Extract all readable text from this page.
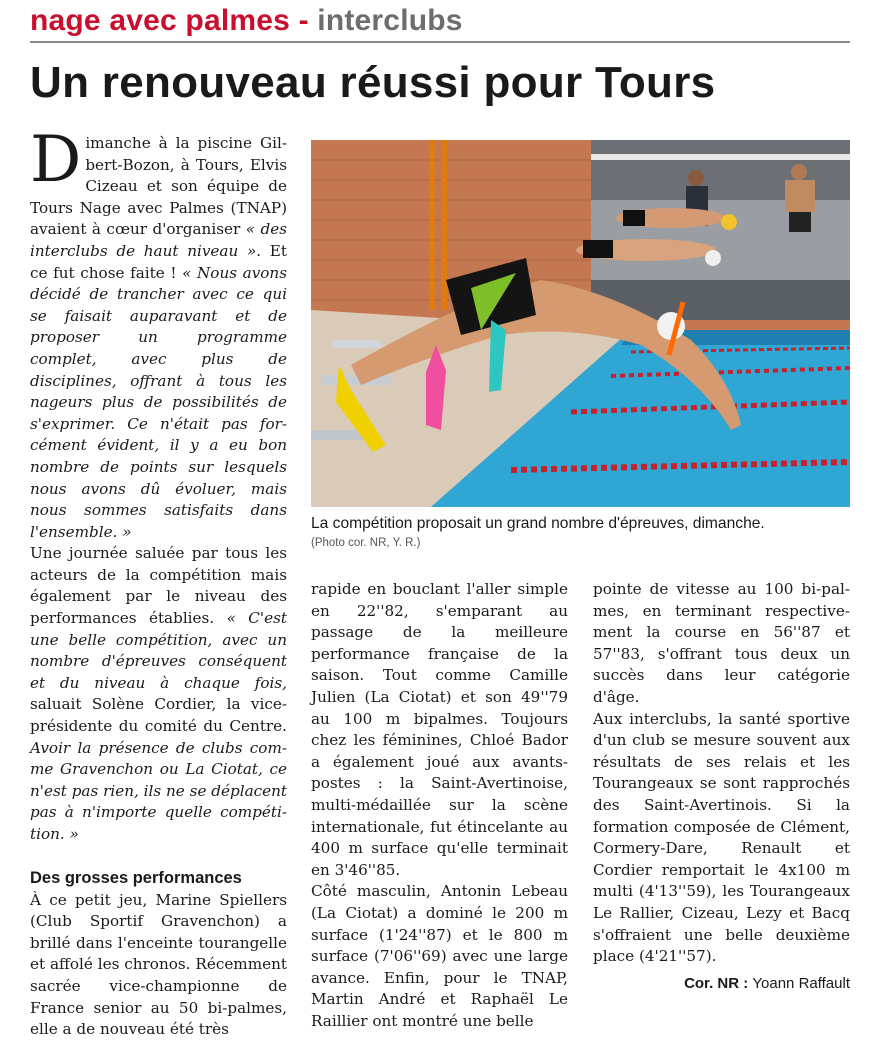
nage avec palmes - interclubs
Un renouveau réussi pour Tours

Dimanche à la piscine Gilbert-Bozon, à Tours, Elvis Cizeau et son équipe de Tours Nage avec Palmes (TNAP) avaient à cœur d'organiser « des interclubs de haut niveau ». Et ce fut chose faite ! « Nous avons décidé de trancher avec ce qui se faisait auparavant et de proposer un programme complet, avec plus de disciplines, offrant à tous les nageurs plus de possibilités de s'exprimer. Ce n'était pas forcément évident, il y a eu bon nombre de points sur lesquels nous avons dû évoluer, mais nous sommes satisfaits dans l'ensemble. »

Une journée saluée par tous les acteurs de la compétition mais également par le niveau des performances établies. « C'est une belle compétition, avec un nombre d'épreuves conséquent et du niveau à chaque fois, saluait Solène Cordier, la vice-présidente du comité du Centre. Avoir la présence de clubs comme Gravenchon ou La Ciotat, ce n'est pas rien, ils ne se déplacent pas à n'importe quelle compétition. »

Des grosses performances

À ce petit jeu, Marine Spiellers (Club Sportif Gravenchon) a brillé dans l'enceinte tourangelle et affolé les chronos. Récemment sacrée vice-championne de France senior au 50 bi-palmes, elle a de nouveau été très

La compétition proposait un grand nombre d'épreuves, dimanche.
(Photo cor. NR, Y. R.)

rapide en bouclant l'aller simple en 22''82, s'emparant au passage de la meilleure performance française de la saison. Tout comme Camille Julien (La Ciotat) et son 49''79 au 100 m bipalmes. Toujours chez les féminines, Chloé Bador a également joué aux avants-postes : la Saint-Avertinoise, multi-médaillée sur la scène internationale, fut étincelante au 400 m surface qu'elle terminait en 3'46''85.

Côté masculin, Antonin Lebeau (La Ciotat) a dominé le 200 m surface (1'24''87) et le 800 m surface (7'06''69) avec une large avance. Enfin, pour le TNAP, Martin André et Raphaël Le Raillier ont montré une belle

pointe de vitesse au 100 bi-palmes, en terminant respectivement la course en 56''87 et 57''83, s'offrant tous deux un succès dans leur catégorie d'âge.

Aux interclubs, la santé sportive d'un club se mesure souvent aux résultats de ses relais et les Tourangeaux se sont rapprochés des Saint-Avertinois. Si la formation composée de Clément, Cormery-Dare, Renault et Cordier remportait le 4x100 m multi (4'13''59), les Tourangeaux Le Rallier, Cizeau, Lezy et Bacq s'offraient une belle deuxième place (4'21''57).

Cor. NR : Yoann Raffault
